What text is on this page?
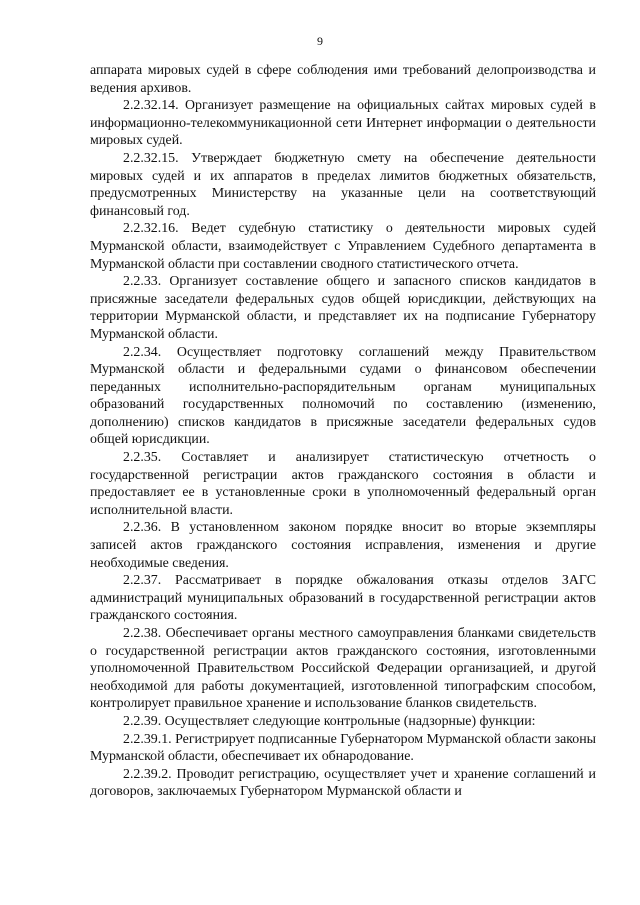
9

аппарата мировых судей в сфере соблюдения ими требований делопроизводства и ведения архивов.

2.2.32.14. Организует размещение на официальных сайтах мировых судей в информационно-телекоммуникационной сети Интернет информации о деятельности мировых судей.

2.2.32.15. Утверждает бюджетную смету на обеспечение деятельности мировых судей и их аппаратов в пределах лимитов бюджетных обязательств, предусмотренных Министерству на указанные цели на соответствующий финансовый год.

2.2.32.16. Ведет судебную статистику о деятельности мировых судей Мурманской области, взаимодействует с Управлением Судебного департамента в Мурманской области при составлении сводного статистического отчета.

2.2.33. Организует составление общего и запасного списков кандидатов в присяжные заседатели федеральных судов общей юрисдикции, действующих на территории Мурманской области, и представляет их на подписание Губернатору Мурманской области.

2.2.34. Осуществляет подготовку соглашений между Правительством Мурманской области и федеральными судами о финансовом обеспечении переданных исполнительно-распорядительным органам муниципальных образований государственных полномочий по составлению (изменению, дополнению) списков кандидатов в присяжные заседатели федеральных судов общей юрисдикции.

2.2.35. Составляет и анализирует статистическую отчетность о государственной регистрации актов гражданского состояния в области и предоставляет ее в установленные сроки в уполномоченный федеральный орган исполнительной власти.

2.2.36. В установленном законом порядке вносит во вторые экземпляры записей актов гражданского состояния исправления, изменения и другие необходимые сведения.

2.2.37. Рассматривает в порядке обжалования отказы отделов ЗАГС администраций муниципальных образований в государственной регистрации актов гражданского состояния.

2.2.38. Обеспечивает органы местного самоуправления бланками свидетельств о государственной регистрации актов гражданского состояния, изготовленными уполномоченной Правительством Российской Федерации организацией, и другой необходимой для работы документацией, изготовленной типографским способом, контролирует правильное хранение и использование бланков свидетельств.

2.2.39. Осуществляет следующие контрольные (надзорные) функции:

2.2.39.1. Регистрирует подписанные Губернатором Мурманской области законы Мурманской области, обеспечивает их обнародование.

2.2.39.2. Проводит регистрацию, осуществляет учет и хранение соглашений и договоров, заключаемых Губернатором Мурманской области и
